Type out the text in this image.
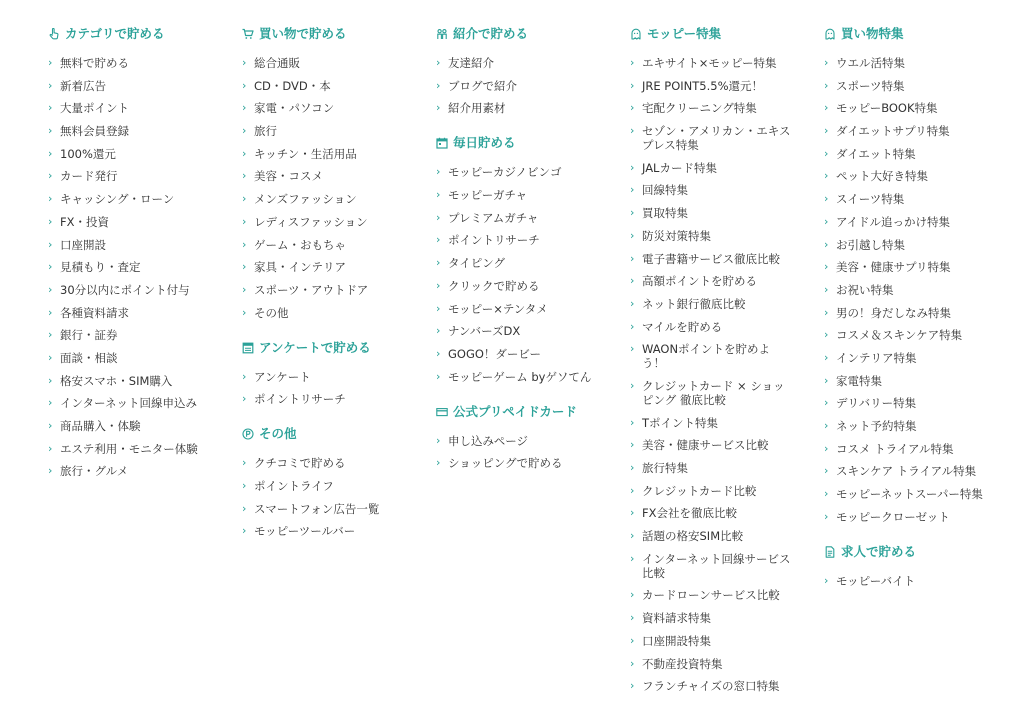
カテゴリで貯める
› 無料で貯める
› 新着広告
› 大量ポイント
› 無料会員登録
› 100%還元
› カード発行
› キャッシング・ローン
› FX・投資
› 口座開設
› 見積もり・査定
› 30分以内にポイント付与
› 各種資料請求
› 銀行・証券
› 面談・相談
› 格安スマホ・SIM購入
› インターネット回線申込み
› 商品購入・体験
› エステ利用・モニター体験
› 旅行・グルメ
買い物で貯める
› 総合通販
› CD・DVD・本
› 家電・パソコン
› 旅行
› キッチン・生活用品
› 美容・コスメ
› メンズファッション
› レディスファッション
› ゲーム・おもちゃ
› 家具・インテリア
› スポーツ・アウトドア
› その他
アンケートで貯める
› アンケート
› ポイントリサーチ
その他
› クチコミで貯める
› ポイントライフ
› スマートフォン広告一覧
› モッピーツールバー
紹介で貯める
› 友達紹介
› ブログで紹介
› 紹介用素材
毎日貯める
› モッピーカジノビンゴ
› モッピーガチャ
› プレミアムガチャ
› ポイントリサーチ
› タイピング
› クリックで貯める
› モッピー×テンタメ
› ナンバーズDX
› GOGO！ダービー
› モッピーゲーム byゲソてん
公式プリペイドカード
› 申し込みページ
› ショッピングで貯める
モッピー特集
› エキサイト×モッピー特集
› JRE POINT5.5%還元！
› 宅配クリーニング特集
› セゾン・アメリカン・エキスプレス特集
› JALカード特集
› 回線特集
› 買取特集
› 防災対策特集
› 電子書籍サービス徹底比較
› 高額ポイントを貯める
› ネット銀行徹底比較
› マイルを貯める
› WAONポイントを貯めよう！
› クレジットカード × ショッピング 徹底比較
› Tポイント特集
› 美容・健康サービス比較
› 旅行特集
› クレジットカード比較
› FX会社を徹底比較
› 話題の格安SIM比較
› インターネット回線サービス比較
› カードローンサービス比較
› 資料請求特集
› 口座開設特集
› 不動産投資特集
› フランチャイズの窓口特集
買い物特集
› ウエル活特集
› スポーツ特集
› モッピーBOOK特集
› ダイエットサプリ特集
› ダイエット特集
› ペット大好き特集
› スイーツ特集
› アイドル追っかけ特集
› お引越し特集
› 美容・健康サプリ特集
› お祝い特集
› 男の！身だしなみ特集
› コスメ＆スキンケア特集
› インテリア特集
› 家電特集
› デリバリー特集
› ネット予約特集
› コスメ トライアル特集
› スキンケア トライアル特集
› モッピーネットスーパー特集
› モッピークローゼット
求人で貯める
› モッピーバイト
